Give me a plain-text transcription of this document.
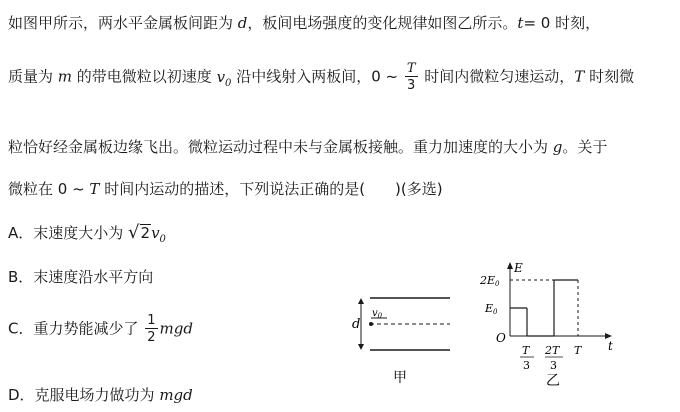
如图甲所示，两水平金属板间距为 d，板间电场强度的变化规律如图乙所示。t= 0 时刻，
质量为 m 的带电微粒以初速度 $v_0$ 沿中线射入两板间，0 ~ $\frac{T}{3}$ 时间内微粒匀速运动，T 时刻微
粒恰好经金属板边缘飞出。微粒运动过程中未与金属板接触。重力加速度的大小为 g。关于
微粒在 0 ~ T 时间内运动的描述，下列说法正确的是(　　)(多选)
A．末速度大小为 $√2v_0$
B．末速度沿水平方向
C．重力势能减少了 $\frac{1}{2}$ mgd
D．克服电场力做功为 mgd
d
$v_0$
甲
E
t
O
2E0
E0
T
3
2T
3
T
乙
